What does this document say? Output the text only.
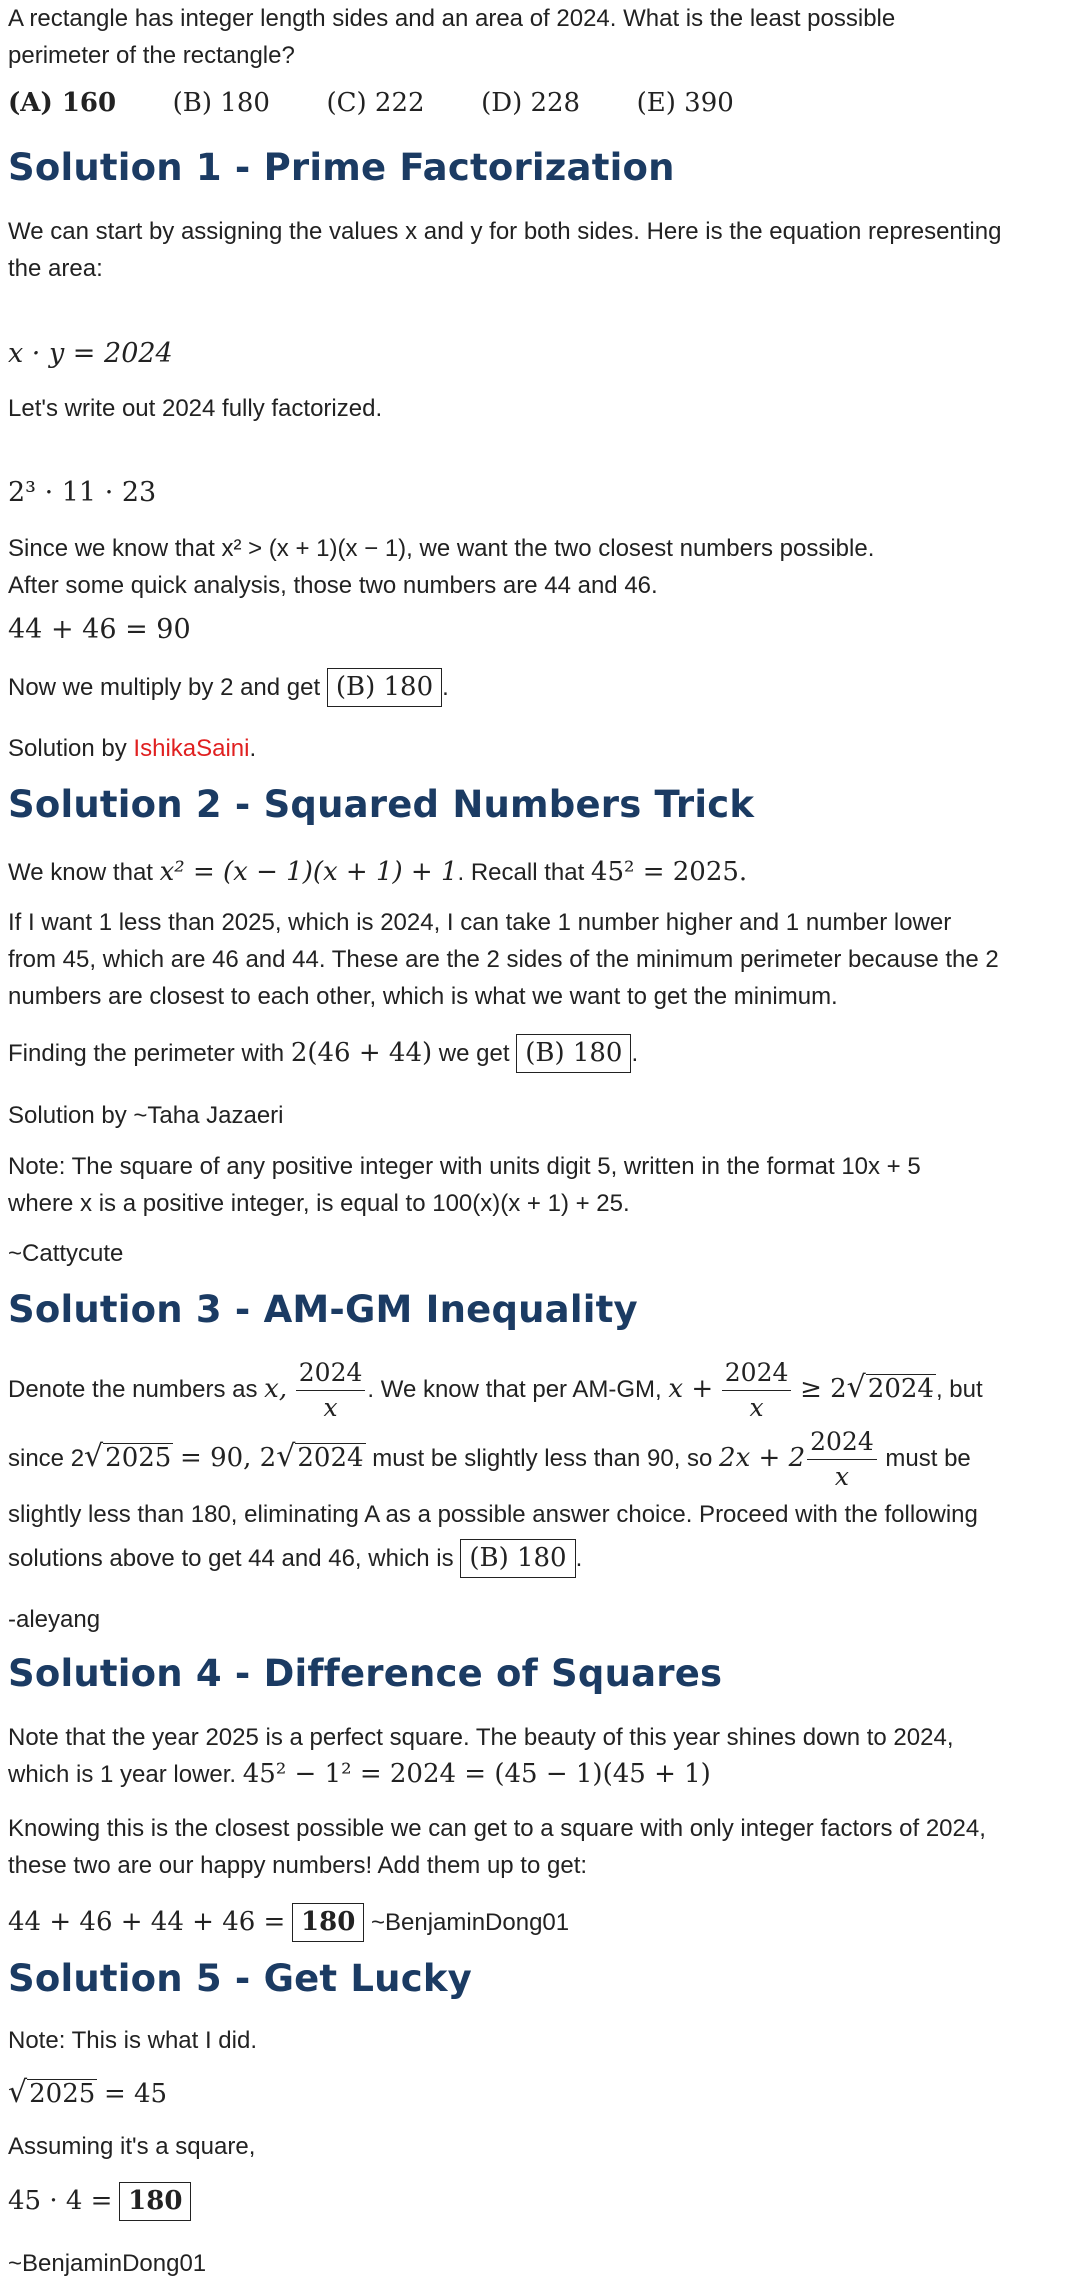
A rectangle has integer length sides and an area of 2024. What is the least possible
perimeter of the rectangle?
(A) 160 (B) 180 (C) 222 (D) 228 (E) 390
Solution 1 - Prime Factorization
We can start by assigning the values x and y for both sides. Here is the equation representing
the area:
x · y = 2024
Let's write out 2024 fully factorized.
2³ · 11 · 23
Since we know that x² > (x + 1)(x − 1), we want the two closest numbers possible.
After some quick analysis, those two numbers are 44 and 46.
44 + 46 = 90
Now we multiply by 2 and get (B) 180 .
Solution by IshikaSaini.
Solution 2 - Squared Numbers Trick
We know that x² = (x − 1)(x + 1) + 1. Recall that 45² = 2025.
If I want 1 less than 2025, which is 2024, I can take 1 number higher and 1 number lower
from 45, which are 46 and 44. These are the 2 sides of the minimum perimeter because the 2
numbers are closest to each other, which is what we want to get the minimum.
Finding the perimeter with 2(46 + 44) we get (B) 180 .
Solution by ~Taha Jazaeri
Note: The square of any positive integer with units digit 5, written in the format 10x + 5
where x is a positive integer, is equal to 100(x)(x + 1) + 25.
~Cattycute
Solution 3 - AM-GM Inequality
Denote the numbers as x, $\frac{2024}{x}$ . We know that per AM-GM, $x + \frac{2024}{x} \ge 2√2024$, but
since 2√2025 = 90, 2√2024 must be slightly less than 90, so $2x + 2 \frac{2024}{x}$ must be
slightly less than 180, eliminating A as a possible answer choice. Proceed with the following
solutions above to get 44 and 46, which is (B) 180 .
-aleyang
Solution 4 - Difference of Squares
Note that the year 2025 is a perfect square. The beauty of this year shines down to 2024,
which is 1 year lower. 45² − 1² = 2024 = (45 − 1)(45 + 1)
Knowing this is the closest possible we can get to a square with only integer factors of 2024,
these two are our happy numbers! Add them up to get:
44 + 46 + 44 + 46 = 180 ~BenjaminDong01
Solution 5 - Get Lucky
Note: This is what I did.
√2025 = 45
Assuming it's a square,
45 · 4 = 180
~BenjaminDong01
